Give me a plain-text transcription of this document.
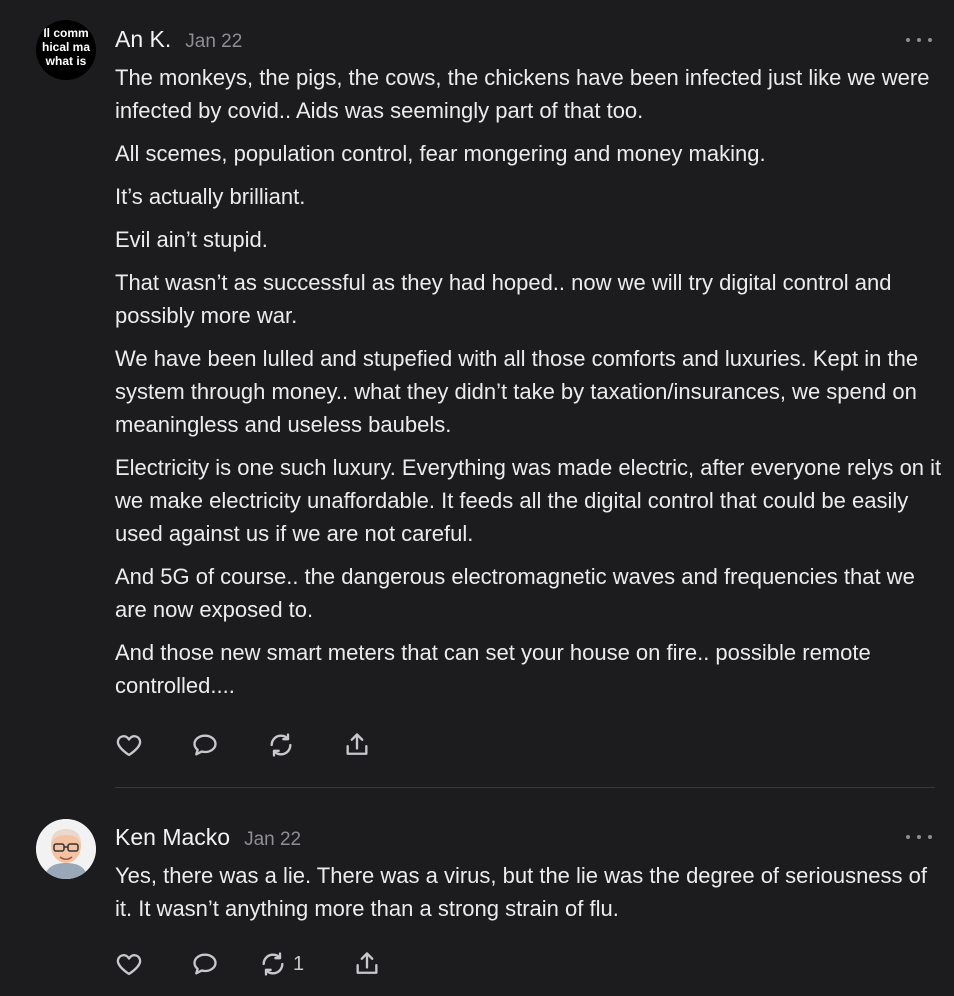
ll comm
hical ma
what is
An K. Jan 22

The monkeys, the pigs, the cows, the chickens have been infected just like we were infected by covid.. Aids was seemingly part of that too.

All scemes, population control, fear mongering and money making.

It’s actually brilliant.

Evil ain’t stupid.

That wasn’t as successful as they had hoped.. now we will try digital control and possibly more war.

We have been lulled and stupefied with all those comforts and luxuries. Kept in the system through money.. what they didn’t take by taxation/insurances, we spend on meaningless and useless baubels.

Electricity is one such luxury. Everything was made electric, after everyone relys on it we make electricity unaffordable. It feeds all the digital control that could be easily used against us if we are not careful.

And 5G of course.. the dangerous electromagnetic waves and frequencies that we are now exposed to.

And those new smart meters that can set your house on fire.. possible remote controlled....

Ken Macko Jan 22

Yes, there was a lie. There was a virus, but the lie was the degree of seriousness of it. It wasn’t anything more than a strong strain of flu.

1
